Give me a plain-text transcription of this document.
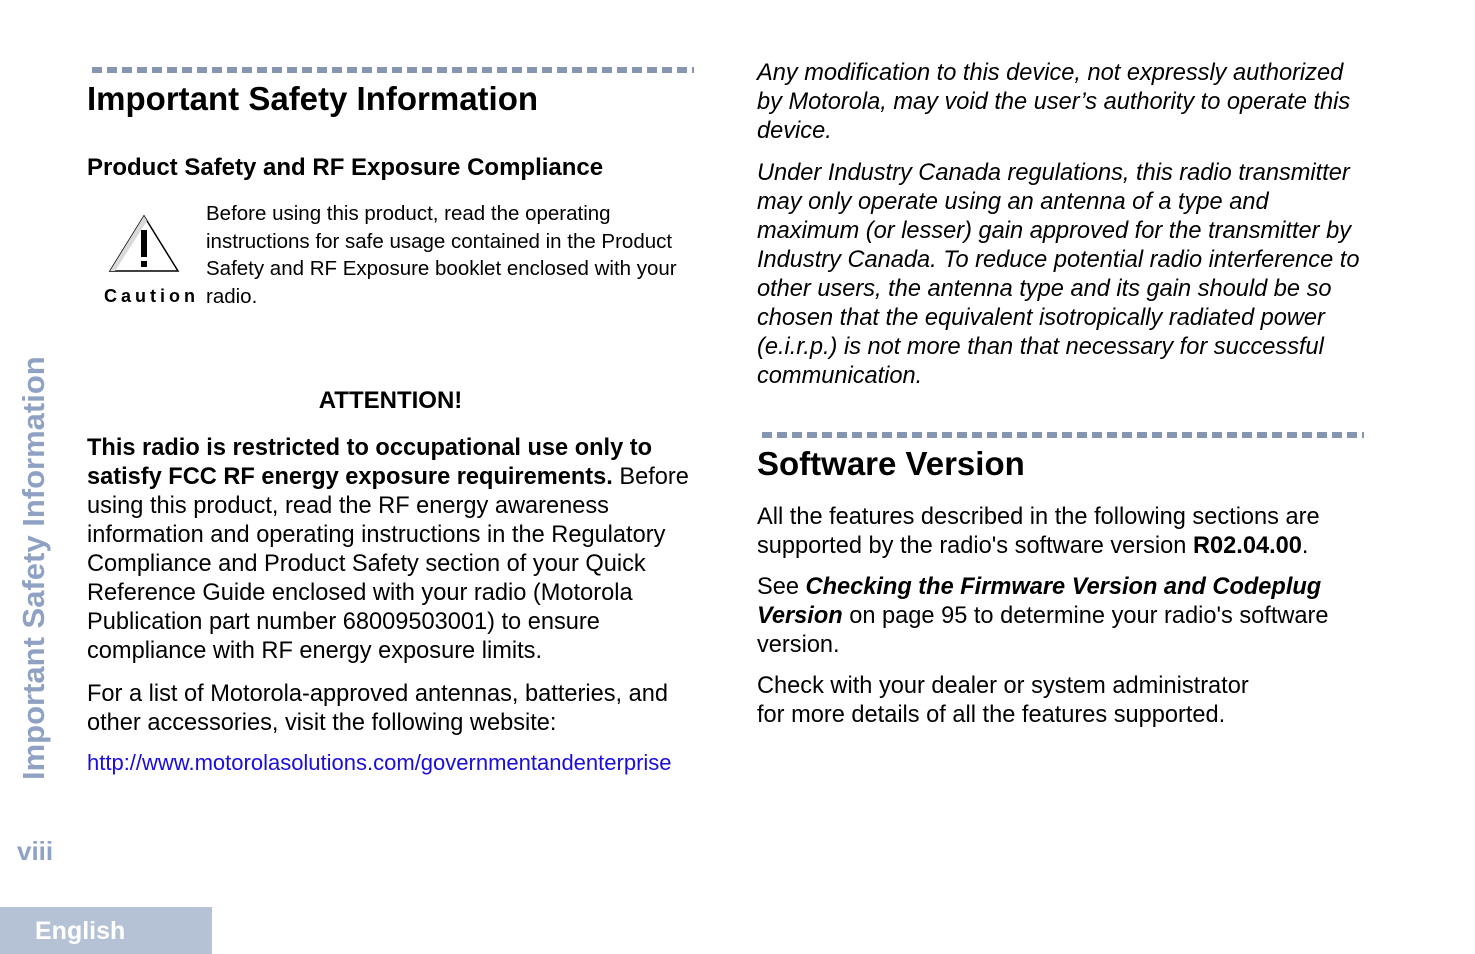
Important Safety Information
viii
English
Important Safety Information
Product Safety and RF Exposure Compliance
Caution

Before using this product, read the operating instructions for safe usage contained in the Product Safety and RF Exposure booklet enclosed with your radio.

ATTENTION!

This radio is restricted to occupational use only to satisfy FCC RF energy exposure requirements. Before using this product, read the RF energy awareness information and operating instructions in the Regulatory Compliance and Product Safety section of your Quick Reference Guide enclosed with your radio (Motorola Publication part number 68009503001) to ensure compliance with RF energy exposure limits.

For a list of Motorola-approved antennas, batteries, and other accessories, visit the following website:

http://www.motorolasolutions.com/governmentandenterprise

Any modification to this device, not expressly authorized by Motorola, may void the user’s authority to operate this device.

Under Industry Canada regulations, this radio transmitter may only operate using an antenna of a type and maximum (or lesser) gain approved for the transmitter by Industry Canada. To reduce potential radio interference to other users, the antenna type and its gain should be so chosen that the equivalent isotropically radiated power (e.i.r.p.) is not more than that necessary for successful communication.

Software Version

All the features described in the following sections are supported by the radio's software version R02.04.00.

See Checking the Firmware Version and Codeplug Version on page 95 to determine your radio's software version.

Check with your dealer or system administrator
for more details of all the features supported.
